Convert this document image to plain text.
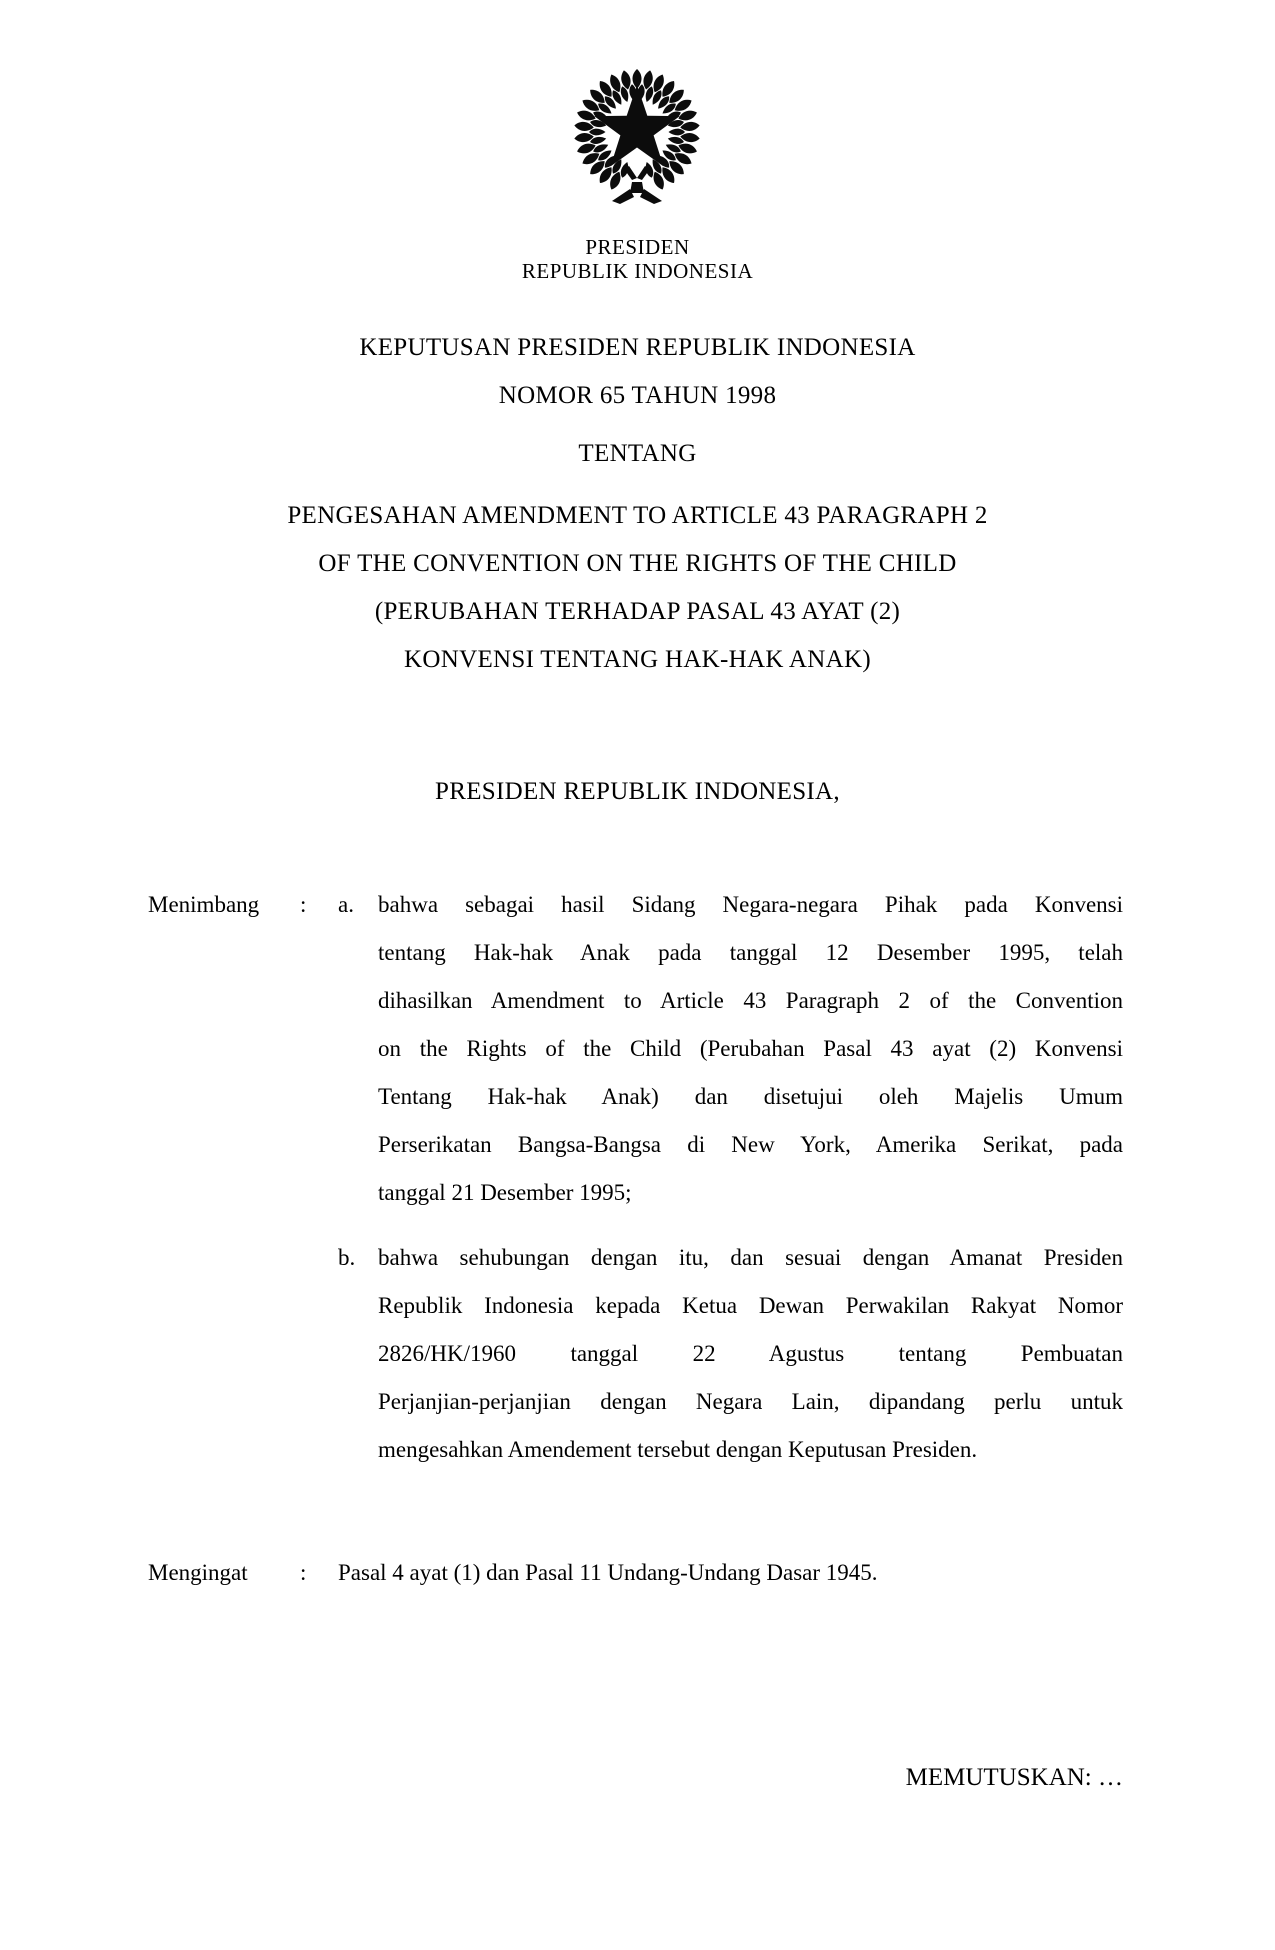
PRESIDEN
REPUBLIK INDONESIA
KEPUTUSAN PRESIDEN REPUBLIK INDONESIA
NOMOR 65 TAHUN 1998
TENTANG
PENGESAHAN AMENDMENT TO ARTICLE 43 PARAGRAPH 2
OF THE CONVENTION ON THE RIGHTS OF THE CHILD
(PERUBAHAN TERHADAP PASAL 43 AYAT (2)
KONVENSI TENTANG HAK-HAK ANAK)
PRESIDEN REPUBLIK INDONESIA,
Menimbang : a. bahwa sebagai hasil Sidang Negara-negara Pihak pada Konvensi
tentang Hak-hak Anak pada tanggal 12 Desember 1995, telah
dihasilkan Amendment to Article 43 Paragraph 2 of the Convention
on the Rights of the Child (Perubahan Pasal 43 ayat (2) Konvensi
Tentang Hak-hak Anak) dan disetujui oleh Majelis Umum
Perserikatan Bangsa-Bangsa di New York, Amerika Serikat, pada
tanggal 21 Desember 1995;
b. bahwa sehubungan dengan itu, dan sesuai dengan Amanat Presiden
Republik Indonesia kepada Ketua Dewan Perwakilan Rakyat Nomor
2826/HK/1960 tanggal 22 Agustus tentang Pembuatan
Perjanjian-perjanjian dengan Negara Lain, dipandang perlu untuk
mengesahkan Amendement tersebut dengan Keputusan Presiden.
Mengingat : Pasal 4 ayat (1) dan Pasal 11 Undang-Undang Dasar 1945.
MEMUTUSKAN: …
